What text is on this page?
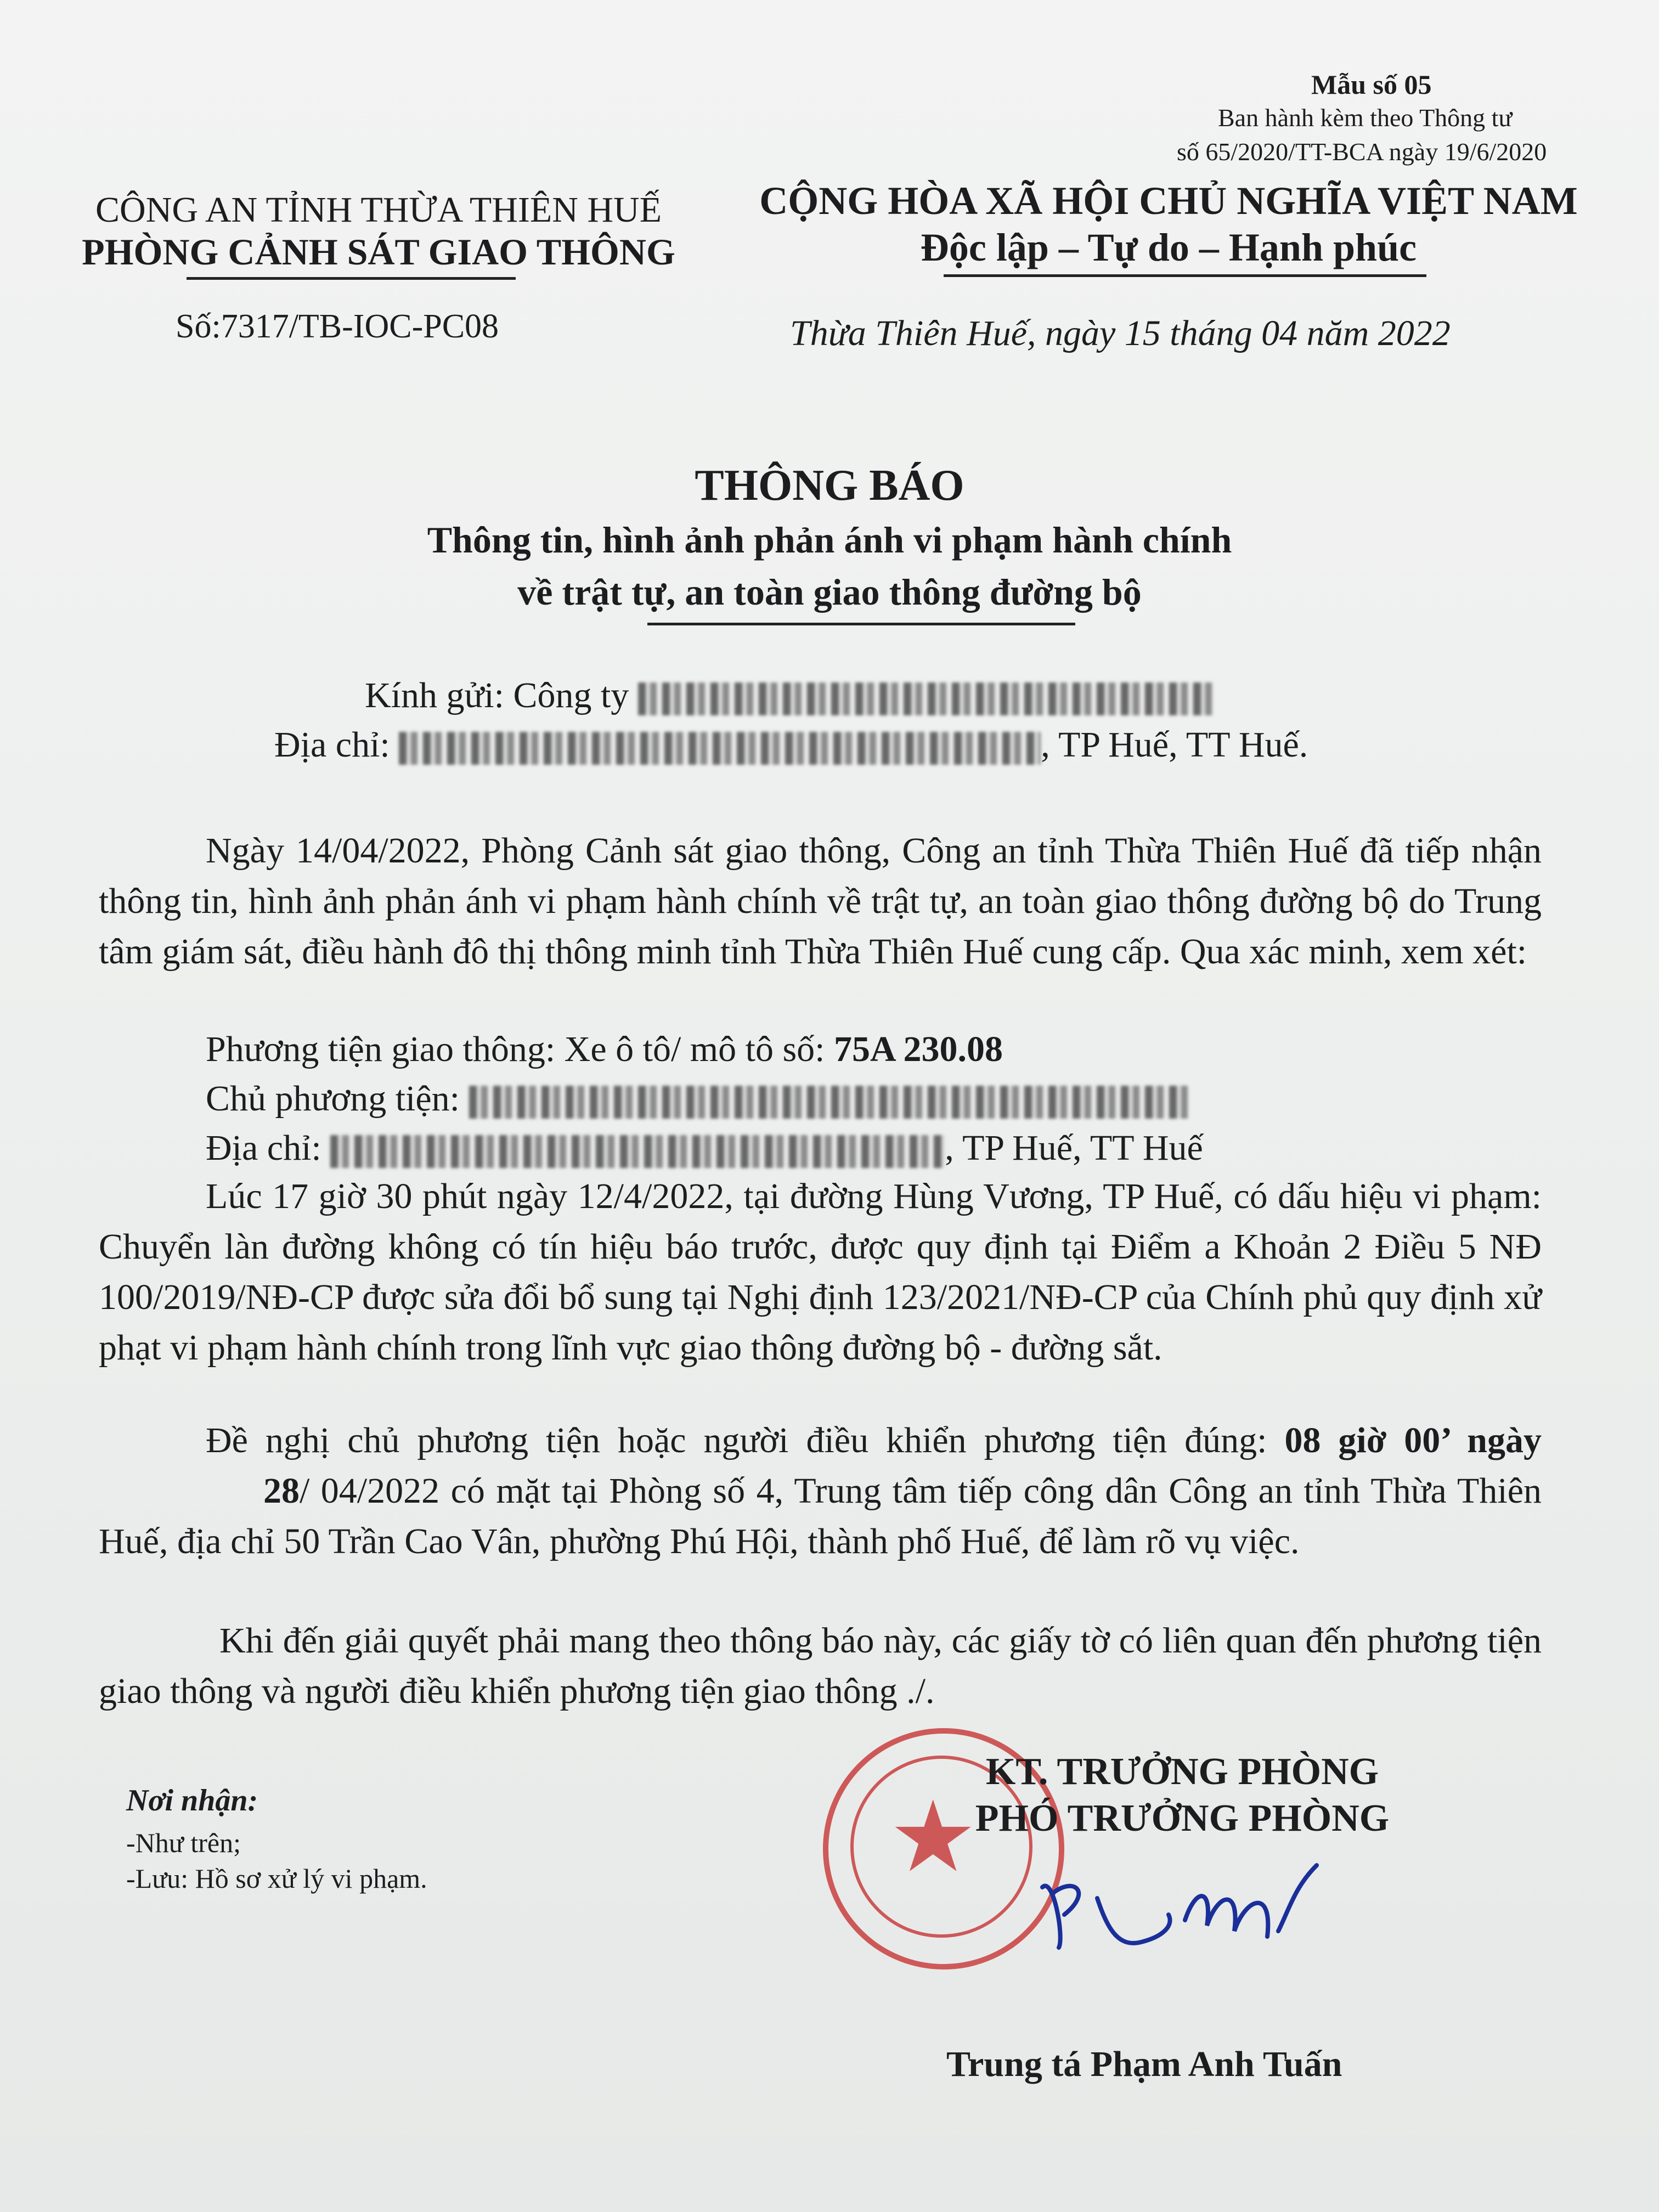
Mẫu số 05
Ban hành kèm theo Thông tư
số 65/2020/TT-BCA ngày 19/6/2020
CÔNG AN TỈNH THỪA THIÊN HUẾ
PHÒNG CẢNH SÁT GIAO THÔNG
Số:7317/TB-IOC-PC08
CỘNG HÒA XÃ HỘI CHỦ NGHĨA VIỆT NAM
Độc lập – Tự do – Hạnh phúc
Thừa Thiên Huế, ngày 15 tháng 04 năm 2022
THÔNG BÁO
Thông tin, hình ảnh phản ánh vi phạm hành chính
về trật tự, an toàn giao thông đường bộ
Kính gửi: Công ty
Địa chỉ:	, TP Huế, TT Huế.
Ngày 14/04/2022, Phòng Cảnh sát giao thông, Công an tỉnh Thừa Thiên Huế đã tiếp nhận thông tin, hình ảnh phản ánh vi phạm hành chính về trật tự, an toàn giao thông đường bộ do Trung tâm giám sát, điều hành đô thị thông minh tỉnh Thừa Thiên Huế cung cấp. Qua xác minh, xem xét:
Phương tiện giao thông: Xe ô tô/ mô tô số: 75A 230.08
Chủ phương tiện:
Địa chỉ:	, TP Huế, TT Huế
Lúc 17 giờ 30 phút ngày 12/4/2022, tại đường Hùng Vương, TP Huế, có dấu hiệu vi phạm: Chuyển làn đường không có tín hiệu báo trước, được quy định tại Điểm a Khoản 2 Điều 5 NĐ 100/2019/NĐ-CP được sửa đổi bổ sung tại Nghị định 123/2021/NĐ-CP của Chính phủ quy định xử phạt vi phạm hành chính trong lĩnh vực giao thông đường bộ - đường sắt.
Đề nghị chủ phương tiện hoặc người điều khiển phương tiện đúng: 08 giờ 00’ ngày 28/ 04/2022 có mặt tại Phòng số 4, Trung tâm tiếp công dân Công an tỉnh Thừa Thiên Huế, địa chỉ 50 Trần Cao Vân, phường Phú Hội, thành phố Huế, để làm rõ vụ việc.
Khi đến giải quyết phải mang theo thông báo này, các giấy tờ có liên quan đến phương tiện giao thông và người điều khiển phương tiện giao thông ./.
Nơi nhận:
-Như trên;
-Lưu: Hồ sơ xử lý vi phạm.	★
KT. TRƯỞNG PHÒNG
PHÓ TRƯỞNG PHÒNG
Trung tá Phạm Anh Tuấn
